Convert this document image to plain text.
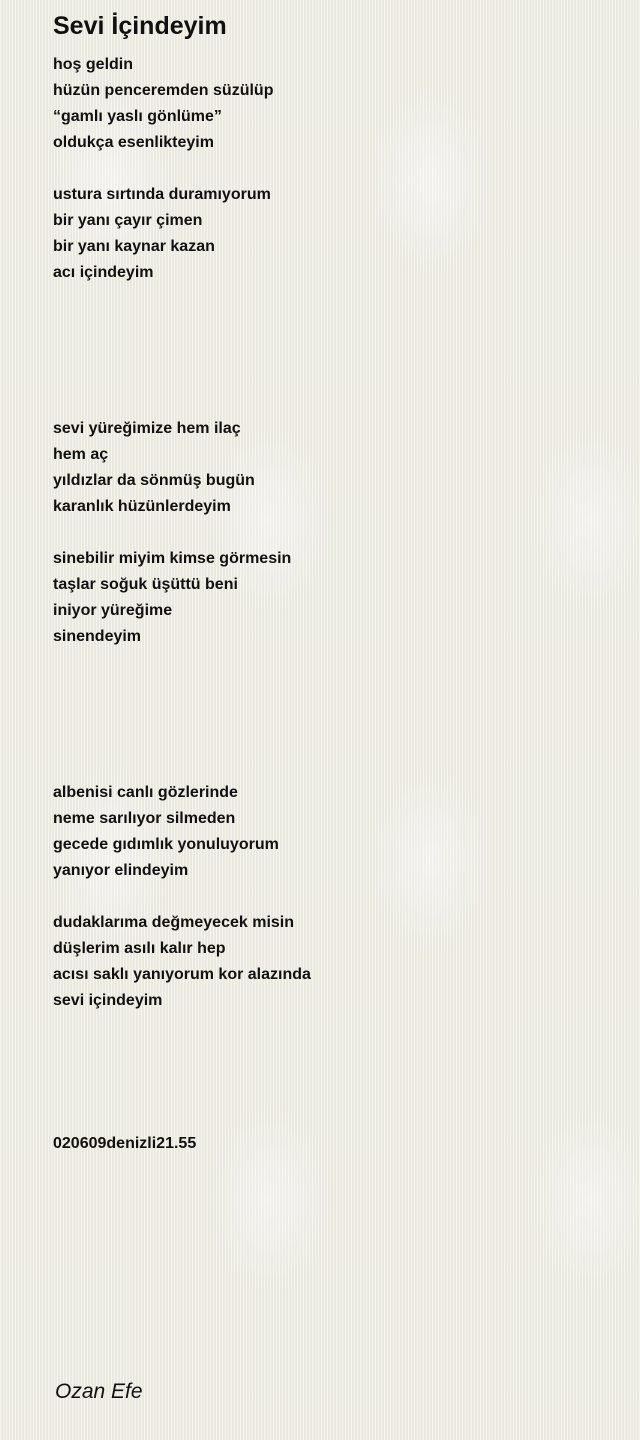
Sevi İçindeyim
hoş geldin
hüzün penceremden süzülüp
“gamlı yaslı gönlüme”
oldukça esenlikteyim
ustura sırtında duramıyorum
bir yanı çayır çimen
bir yanı kaynar kazan
acı içindeyim
sevi yüreğimize hem ilaç
hem aç
yıldızlar da sönmüş bugün
karanlık hüzünlerdeyim
sinebilir miyim kimse görmesin
taşlar soğuk üşüttü beni
iniyor yüreğime
sinendeyim
albenisi canlı gözlerinde
neme sarılıyor silmeden
gecede gıdımlık yonuluyorum
yanıyor elindeyim
dudaklarıma değmeyecek misin
düşlerim asılı kalır hep
acısı saklı yanıyorum kor alazında
sevi içindeyim
020609denizli21.55
Ozan Efe
